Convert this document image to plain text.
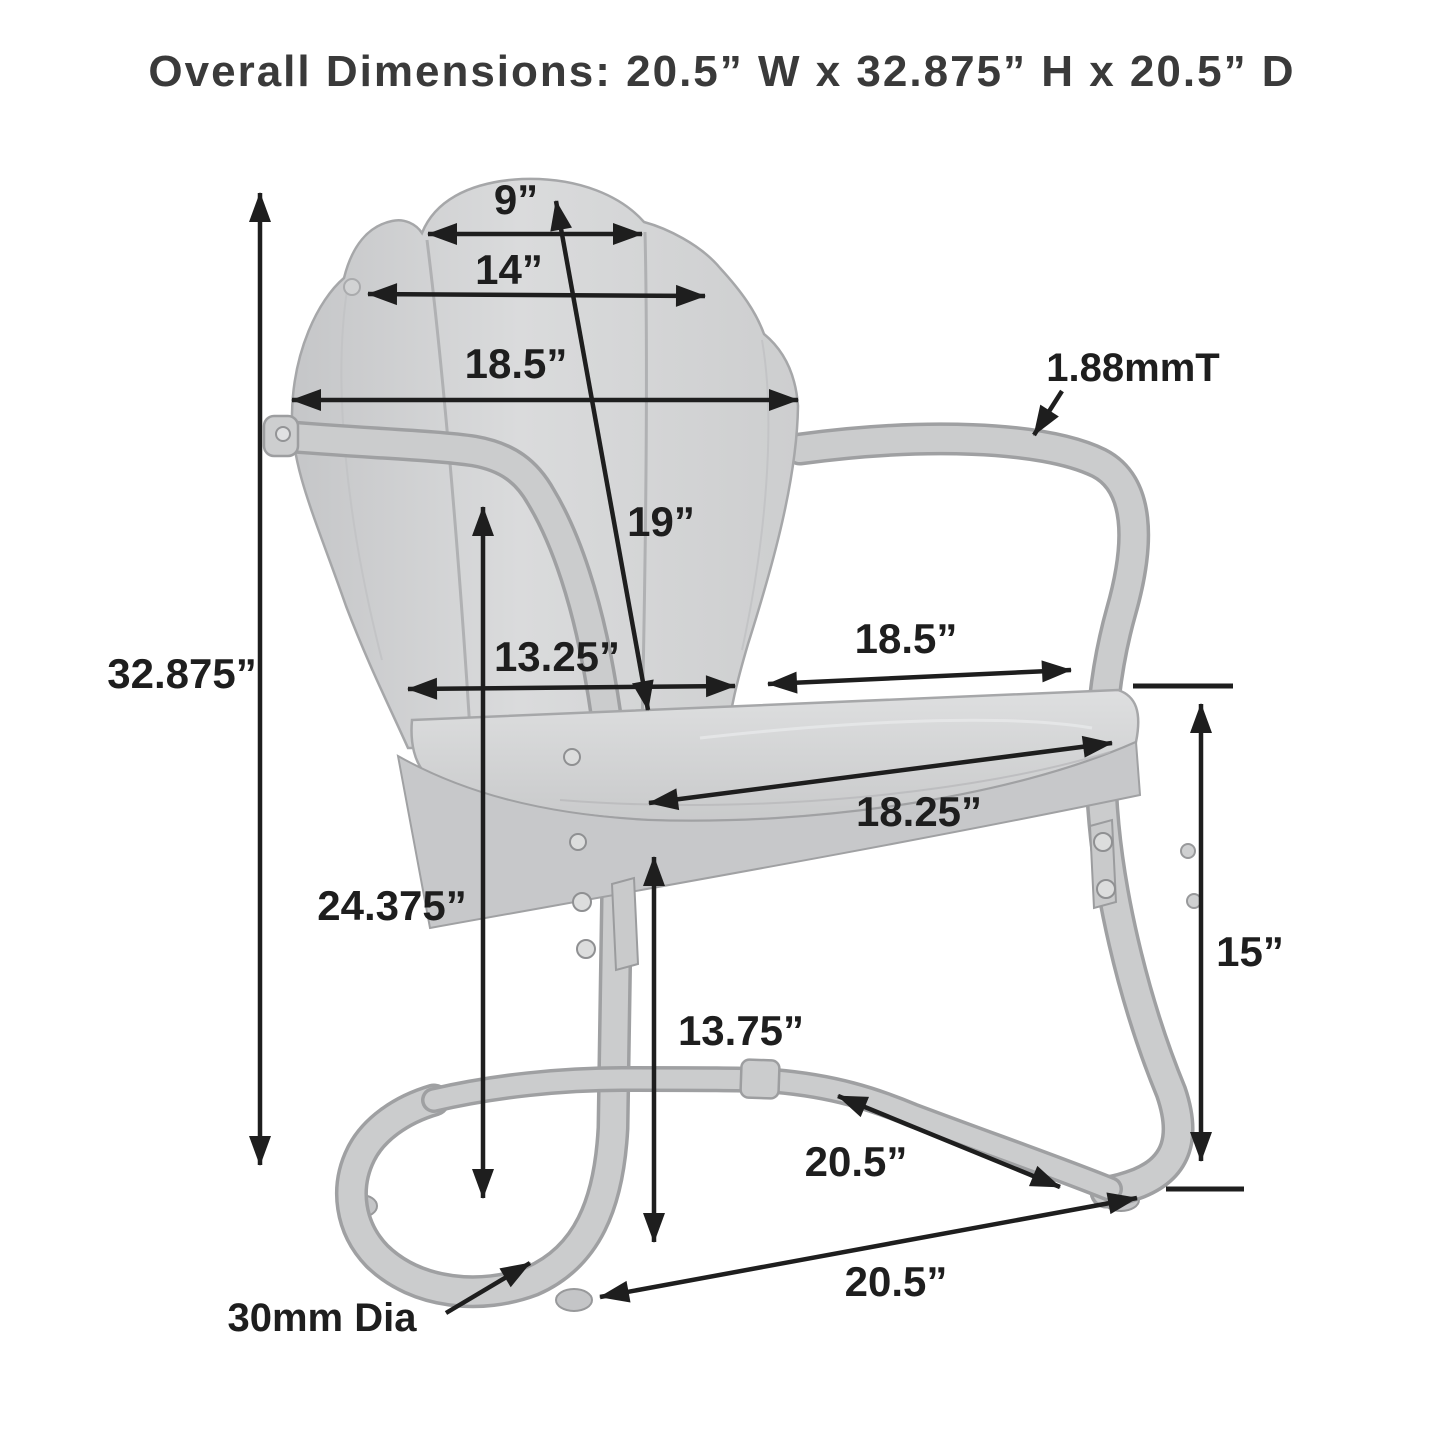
Overall Dimensions: 20.5” W x 32.875” H x 20.5” D
9”
14”
18.5”
19”
1.88mmT
13.25”	18.5”
18.25”
32.875”
24.375”
13.75”
15”
20.5”
20.5”
30mm Dia
